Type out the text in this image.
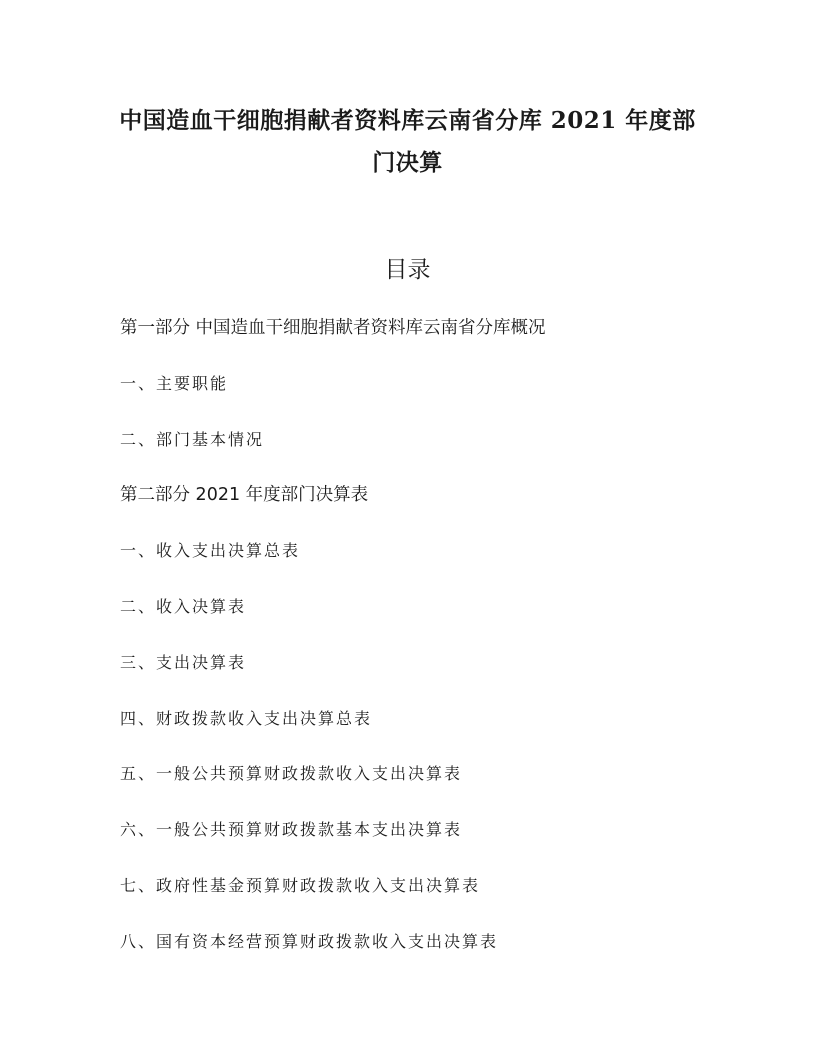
中国造血干细胞捐献者资料库云南省分库 2021 年度部
门决算
目录
第一部分 中国造血干细胞捐献者资料库云南省分库概况
一、主要职能
二、部门基本情况
第二部分 2021 年度部门决算表
一、收入支出决算总表
二、收入决算表
三、支出决算表
四、财政拨款收入支出决算总表
五、一般公共预算财政拨款收入支出决算表
六、一般公共预算财政拨款基本支出决算表
七、政府性基金预算财政拨款收入支出决算表
八、国有资本经营预算财政拨款收入支出决算表
